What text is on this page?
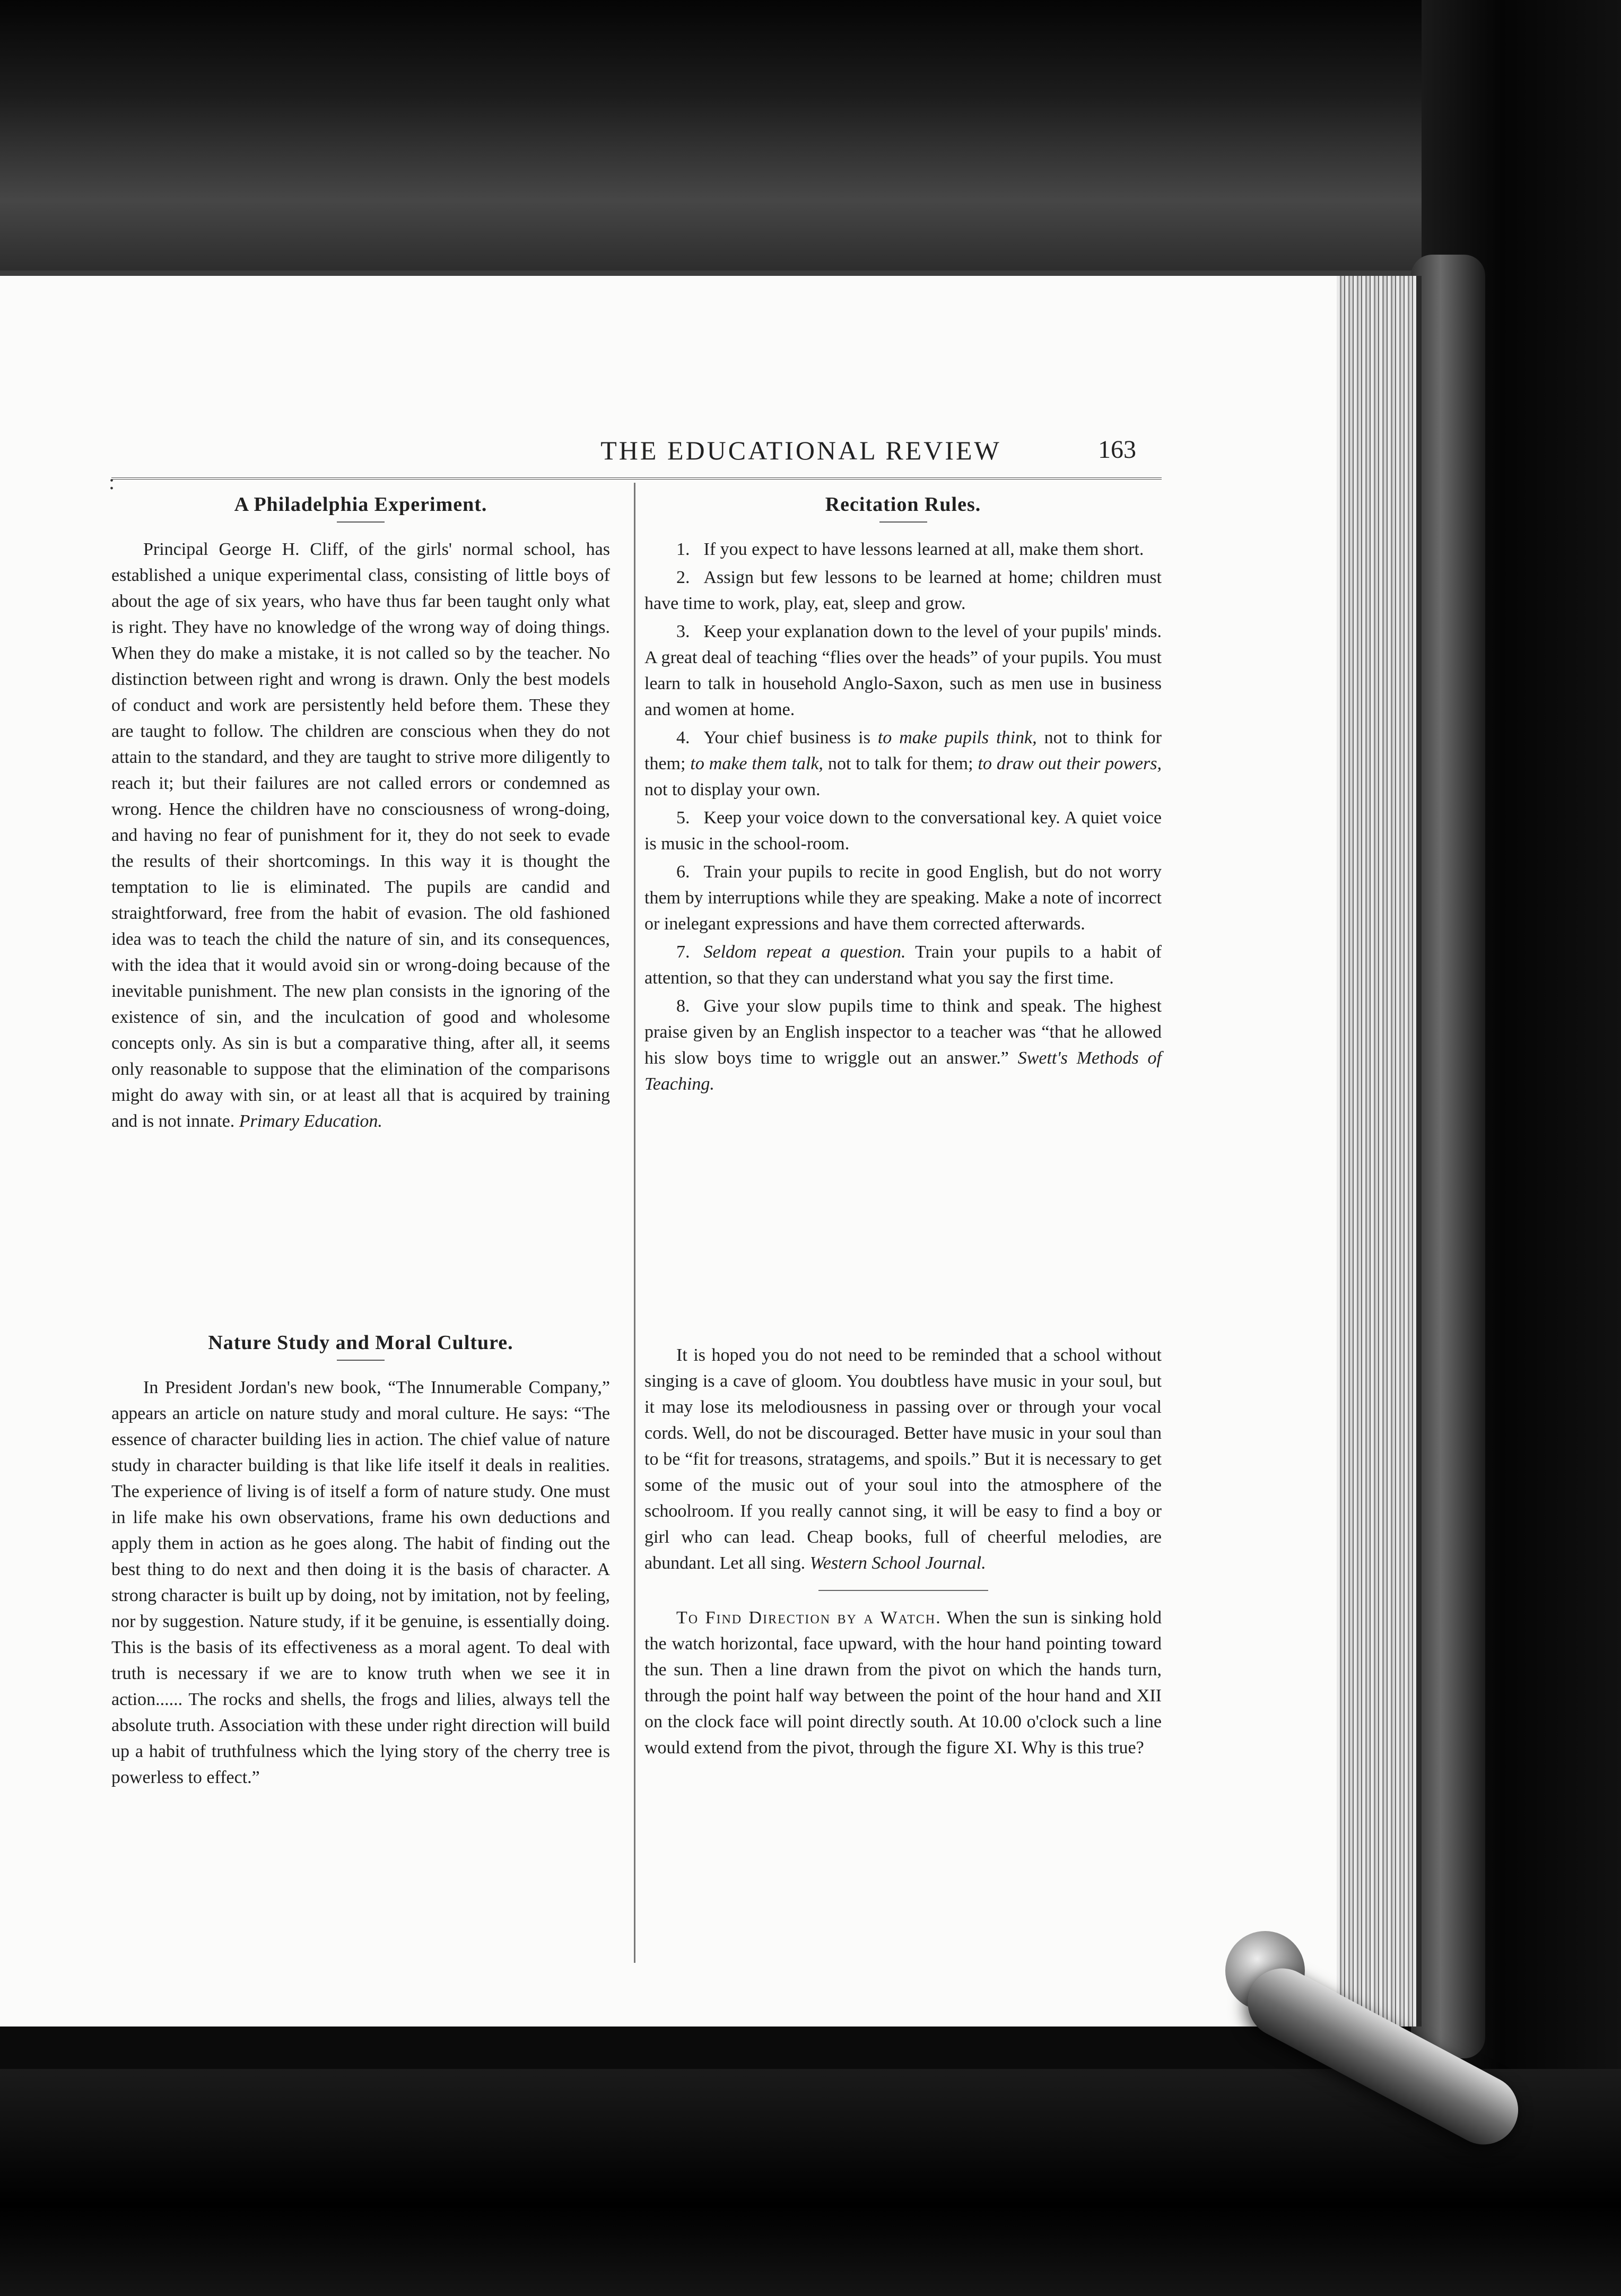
THE EDUCATIONAL REVIEW	163
:
A Philadelphia Experiment.

Principal George H. Cliff, of the girls' normal school, has established a unique experimental class, consisting of little boys of about the age of six years, who have thus far been taught only what is right. They have no knowledge of the wrong way of doing things. When they do make a mistake, it is not called so by the teacher. No distinction between right and wrong is drawn. Only the best models of conduct and work are persistently held before them. These they are taught to follow. The children are conscious when they do not attain to the standard, and they are taught to strive more diligently to reach it; but their failures are not called errors or condemned as wrong. Hence the children have no consciousness of wrong-doing, and having no fear of punishment for it, they do not seek to evade the results of their shortcomings. In this way it is thought the temptation to lie is eliminated. The pupils are candid and straightforward, free from the habit of evasion. The old fashioned idea was to teach the child the nature of sin, and its consequences, with the idea that it would avoid sin or wrong-doing because of the inevitable punishment. The new plan consists in the ignoring of the existence of sin, and the inculcation of good and wholesome concepts only. As sin is but a comparative thing, after all, it seems only reasonable to suppose that the elimination of the comparisons might do away with sin, or at least all that is acquired by training and is not innate. Primary Education.

Nature Study and Moral Culture.

In President Jordan's new book, “The Innumerable Company,” appears an article on nature study and moral culture. He says: “The essence of character building lies in action. The chief value of nature study in character building is that like life itself it deals in realities. The experience of living is of itself a form of nature study. One must in life make his own observations, frame his own deductions and apply them in action as he goes along. The habit of finding out the best thing to do next and then doing it is the basis of character. A strong character is built up by doing, not by imitation, not by feeling, nor by suggestion. Nature study, if it be genuine, is essentially doing. This is the basis of its effectiveness as a moral agent. To deal with truth is necessary if we are to know truth when we see it in action...... The rocks and shells, the frogs and lilies, always tell the absolute truth. Association with these under right direction will build up a habit of truthfulness which the lying story of the cherry tree is powerless to effect.”

Recitation Rules.
1. If you expect to have lessons learned at all, make them short.
2. Assign but few lessons to be learned at home; children must have time to work, play, eat, sleep and grow.
3. Keep your explanation down to the level of your pupils' minds. A great deal of teaching “flies over the heads” of your pupils. You must learn to talk in household Anglo-Saxon, such as men use in business and women at home.
4. Your chief business is to make pupils think, not to think for them; to make them talk, not to talk for them; to draw out their powers, not to display your own.
5. Keep your voice down to the conversational key. A quiet voice is music in the school-room.
6. Train your pupils to recite in good English, but do not worry them by interruptions while they are speaking. Make a note of incorrect or inelegant expressions and have them corrected afterwards.
7. Seldom repeat a question. Train your pupils to a habit of attention, so that they can understand what you say the first time.
8. Give your slow pupils time to think and speak. The highest praise given by an English inspector to a teacher was “that he allowed his slow boys time to wriggle out an answer.” Swett's Methods of Teaching.

It is hoped you do not need to be reminded that a school without singing is a cave of gloom. You doubtless have music in your soul, but it may lose its melodiousness in passing over or through your vocal cords. Well, do not be discouraged. Better have music in your soul than to be “fit for treasons, stratagems, and spoils.” But it is necessary to get some of the music out of your soul into the atmosphere of the schoolroom. If you really cannot sing, it will be easy to find a boy or girl who can lead. Cheap books, full of cheerful melodies, are abundant. Let all sing. Western School Journal.

To Find Direction by a Watch. When the sun is sinking hold the watch horizontal, face upward, with the hour hand pointing toward the sun. Then a line drawn from the pivot on which the hands turn, through the point half way between the point of the hour hand and XII on the clock face will point directly south. At 10.00 o'clock such a line would extend from the pivot, through the figure XI. Why is this true?
